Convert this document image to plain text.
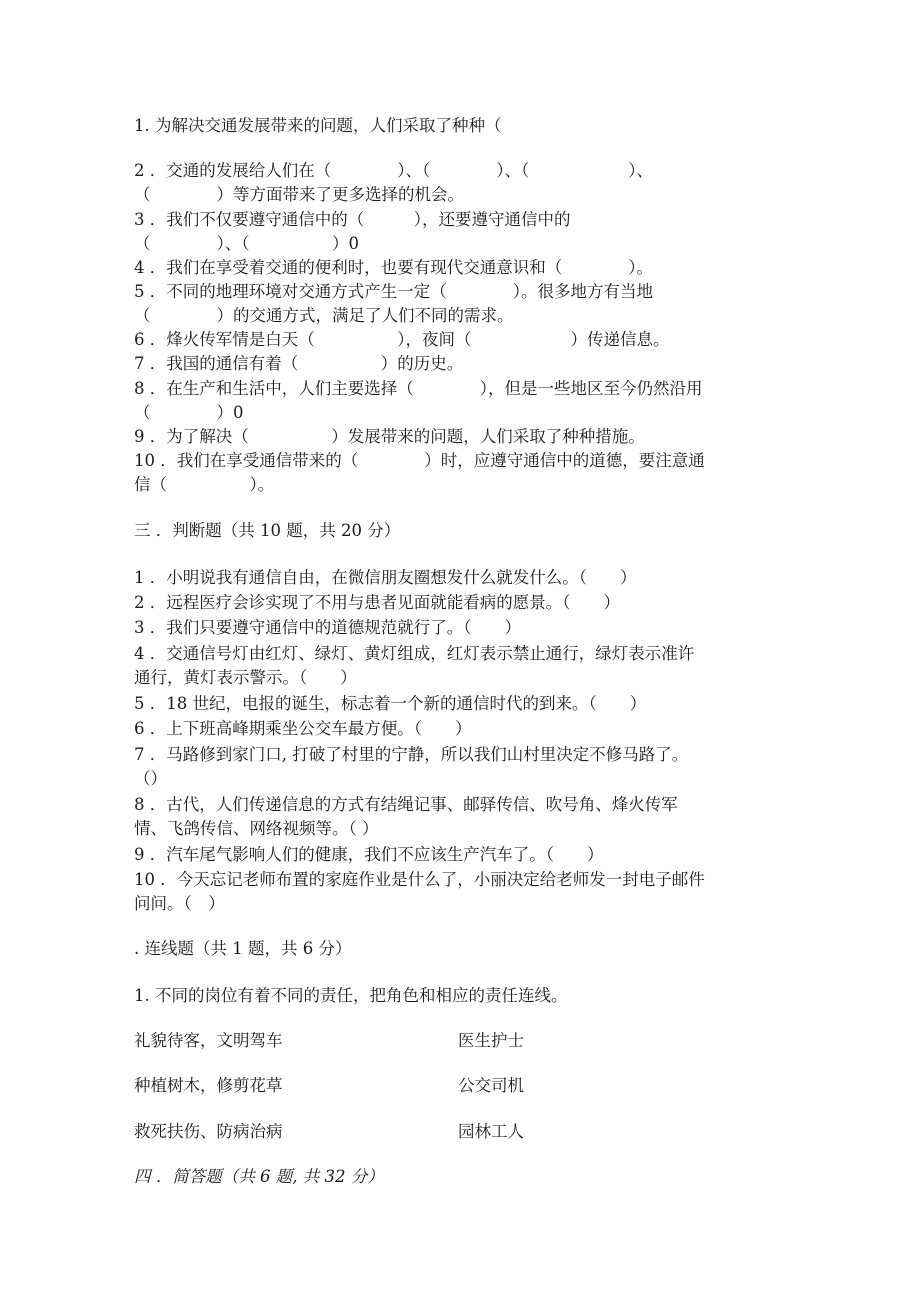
1. 为解决交通发展带来的问题，人们采取了种种（
2 ．交通的发展给人们在（　　　　）、（　　　　）、（　　　　　　）、
（　　　　）等方面带来了更多选择的机会。
3 ．我们不仅要遵守通信中的（　　　），还要遵守通信中的
（　　　　）、（　　　　　）0
4 ．我们在享受着交通的便利时，也要有现代交通意识和（　　　　）。
5 ．不同的地理环境对交通方式产生一定（　　　　）。很多地方有当地
（　　　　）的交通方式，满足了人们不同的需求。
6 ．烽火传军情是白天（　　　　　），夜间（　　　　　　）传递信息。
7 ．我国的通信有着（　　　　　）的历史。
8 ．在生产和生活中，人们主要选择（　　　　），但是一些地区至今仍然沿用
（　　　　）0
9 ．为了解决（　　　　　）发展带来的问题，人们采取了种种措施。
10 ．我们在享受通信带来的（　　　　）时，应遵守通信中的道德，要注意通
信（　　　　　）。
三 ．判断题（共 10 题，共 20 分）
1 ．小明说我有通信自由，在微信朋友圈想发什么就发什么。（　　）
2 ．远程医疗会诊实现了不用与患者见面就能看病的愿景。（　　）
3 ．我们只要遵守通信中的道德规范就行了。（　　）
4 ．交通信号灯由红灯、绿灯、黄灯组成，红灯表示禁止通行，绿灯表示准许
通行，黄灯表示警示。（　　）
5 ．18 世纪，电报的诞生，标志着一个新的通信时代的到来。（　　）
6 ．上下班高峰期乘坐公交车最方便。（　　）
7 ．马路修到家门口, 打破了村里的宁静，所以我们山村里决定不修马路了。
（）
8 ．古代，人们传递信息的方式有结绳记事、邮驿传信、吹号角、烽火传军
情、飞鸽传信、网络视频等。（ ）
9 ．汽车尾气影响人们的健康，我们不应该生产汽车了。（　　）
10 ．今天忘记老师布置的家庭作业是什么了，小丽决定给老师发一封电子邮件
问问。（　）
. 连线题（共 1 题，共 6 分）
1. 不同的岗位有着不同的责任，把角色和相应的责任连线。
礼貌待客，文明驾车	医生护士
种植树木，修剪花草	公交司机
救死扶伤、防病治病	园林工人
四 ．简答题（共 6 题, 共 32 分）
